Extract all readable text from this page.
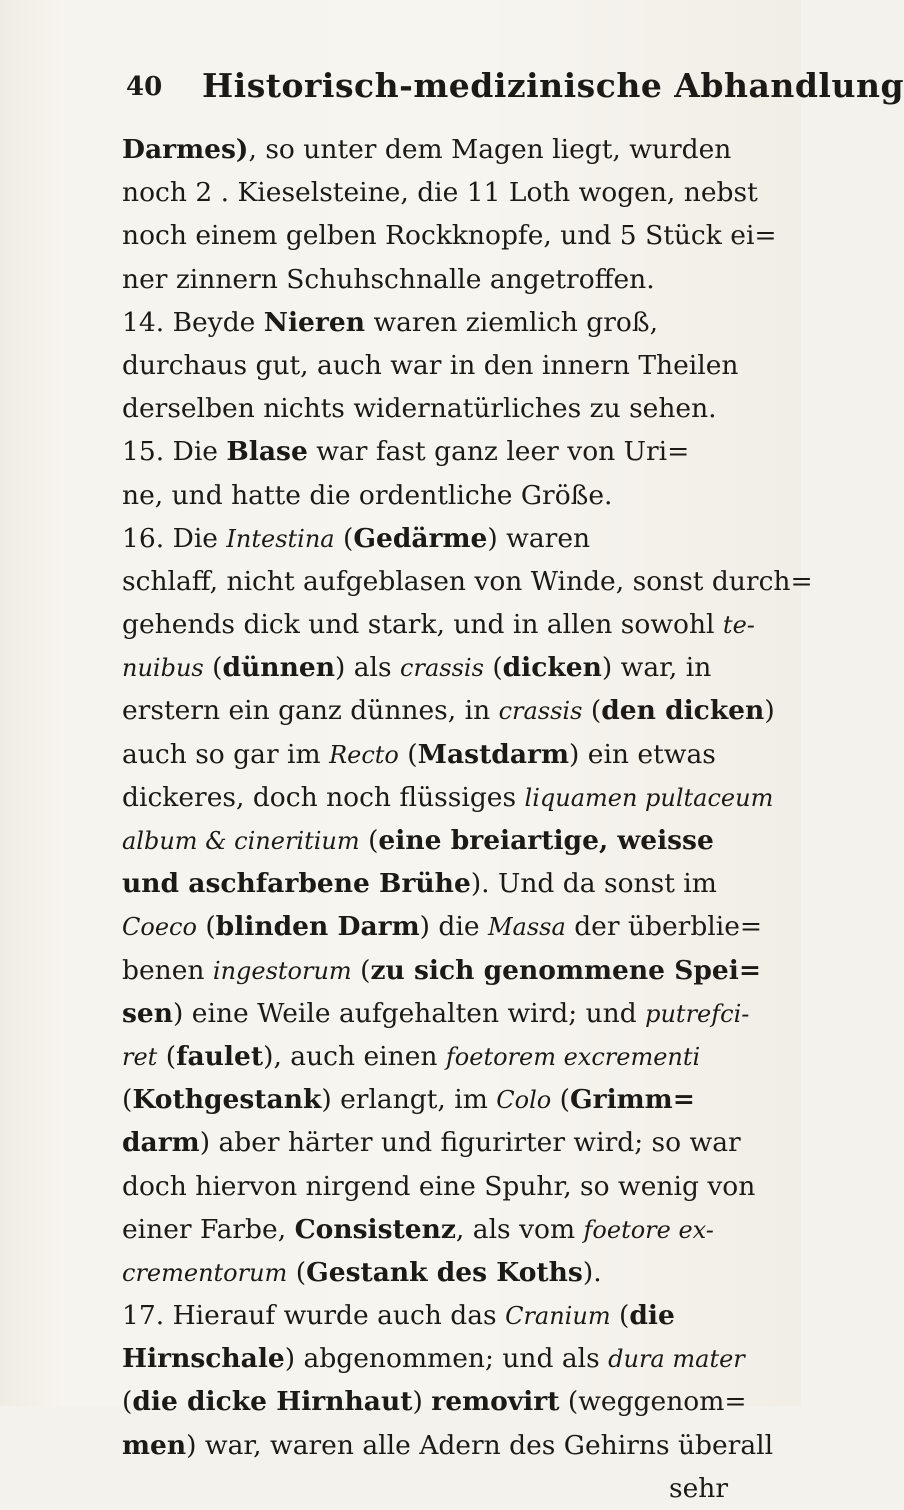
40 Historisch-medizinische Abhandlung
Darmes), so unter dem Magen liegt, wurden
noch 2 . Kieselsteine, die 11 Loth wogen, nebst
noch einem gelben Rockknopfe, und 5 Stück ei=
ner zinnern Schuhschnalle angetroffen.
14. Beyde Nieren waren ziemlich groß,
durchaus gut, auch war in den innern Theilen
derselben nichts widernatürliches zu sehen.
15. Die Blase war fast ganz leer von Uri=
ne, und hatte die ordentliche Größe.
16. Die Intestina (Gedärme) waren
schlaff, nicht aufgeblasen von Winde, sonst durch=
gehends dick und stark, und in allen sowohl te-
nuibus (dünnen) als crassis (dicken) war, in
erstern ein ganz dünnes, in crassis (den dicken)
auch so gar im Recto (Mastdarm) ein etwas
dickeres, doch noch flüssiges liquamen pultaceum
album & cineritium (eine breiartige, weisse
und aschfarbene Brühe). Und da sonst im
Coeco (blinden Darm) die Massa der überblie=
benen ingestorum (zu sich genommene Spei=
sen) eine Weile aufgehalten wird; und putrefci-
ret (faulet), auch einen foetorem excrementi
(Kothgestank) erlangt, im Colo (Grimm=
darm) aber härter und figurirter wird; so war
doch hiervon nirgend eine Spuhr, so wenig von
einer Farbe, Consistenz, als vom foetore ex-
crementorum (Gestank des Koths).
17. Hierauf wurde auch das Cranium (die
Hirnschale) abgenommen; und als dura mater
(die dicke Hirnhaut) removirt (weggenom=
men) war, waren alle Adern des Gehirns überall
sehr
